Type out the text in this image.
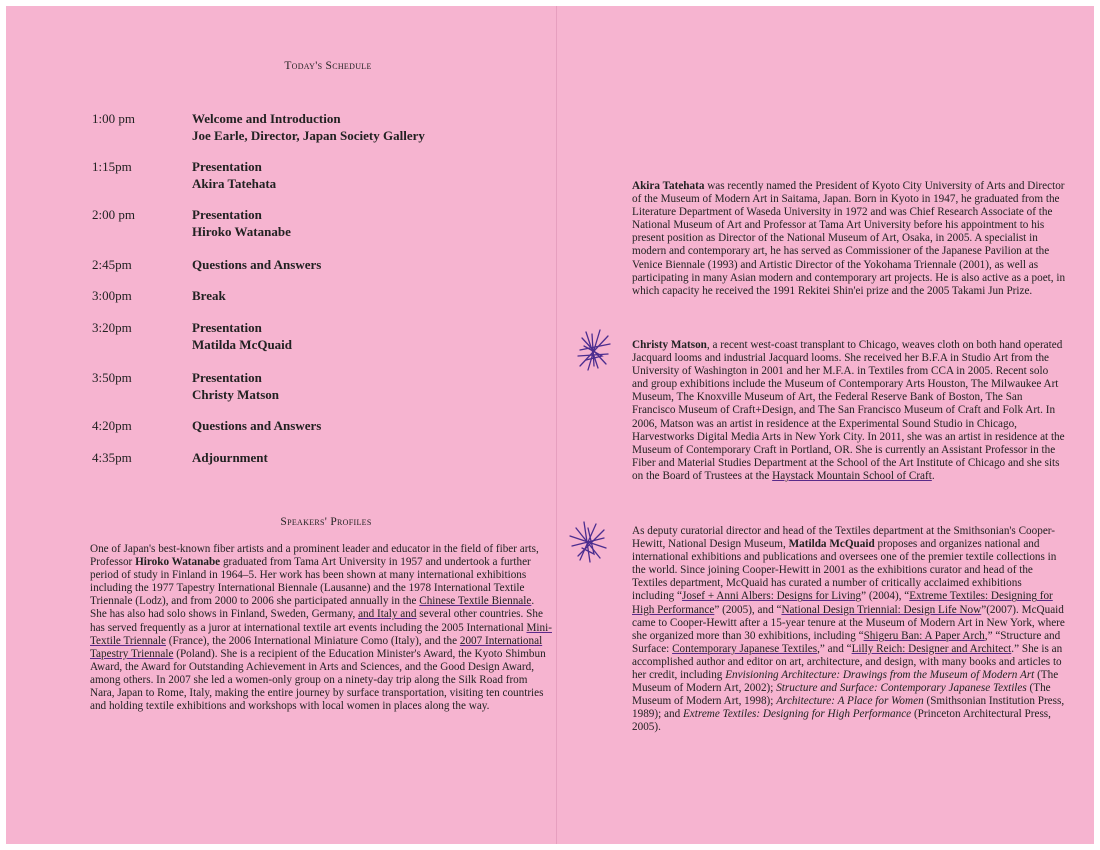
Today's Schedule
1:00 pm	Welcome and Introduction
Joe Earle, Director, Japan Society Gallery
1:15pm	Presentation
Akira Tatehata
2:00 pm	Presentation
Hiroko Watanabe
2:45pm	Questions and Answers
3:00pm	Break
3:20pm	Presentation
Matilda McQuaid
3:50pm	Presentation
Christy Matson
4:20pm	Questions and Answers
4:35pm	Adjournment
Speakers' Profiles
One of Japan's best-known fiber artists and a prominent leader and educator in the field of fiber arts, Professor Hiroko Watanabe graduated from Tama Art University in 1957 and undertook a further period of study in Finland in 1964–5. Her work has been shown at many international exhibitions including the 1977 Tapestry International Biennale (Lausanne) and the 1978 International Textile Triennale (Lodz), and from 2000 to 2006 she participated annually in the Chinese Textile Biennale. She has also had solo shows in Finland, Sweden, Germany, and Italy and several other countries. She has served frequently as a juror at international textile art events including the 2005 International Mini-Textile Triennale (France), the 2006 International Miniature Como (Italy), and the 2007 International Tapestry Triennale (Poland). She is a recipient of the Education Minister's Award, the Kyoto Shimbun Award, the Award for Outstanding Achievement in Arts and Sciences, and the Good Design Award, among others. In 2007 she led a women-only group on a ninety-day trip along the Silk Road from Nara, Japan to Rome, Italy, making the entire journey by surface transportation, visiting ten countries and holding textile exhibitions and workshops with local women in places along the way.
Akira Tatehata was recently named the President of Kyoto City University of Arts and Director of the Museum of Modern Art in Saitama, Japan. Born in Kyoto in 1947, he graduated from the Literature Department of Waseda University in 1972 and was Chief Research Associate of the National Museum of Art and Professor at Tama Art University before his appointment to his present position as Director of the National Museum of Art, Osaka, in 2005. A specialist in modern and contemporary art, he has served as Commissioner of the Japanese Pavilion at the Venice Biennale (1993) and Artistic Director of the Yokohama Triennale (2001), as well as participating in many Asian modern and contemporary art projects. He is also active as a poet, in which capacity he received the 1991 Rekitei Shin'ei prize and the 2005 Takami Jun Prize.
Christy Matson, a recent west-coast transplant to Chicago, weaves cloth on both hand operated Jacquard looms and industrial Jacquard looms. She received her B.F.A in Studio Art from the University of Washington in 2001 and her M.F.A. in Textiles from CCA in 2005. Recent solo and group exhibitions include the Museum of Contemporary Arts Houston, The Milwaukee Art Museum, The Knoxville Museum of Art, the Federal Reserve Bank of Boston, The San Francisco Museum of Craft+Design, and The San Francisco Museum of Craft and Folk Art. In 2006, Matson was an artist in residence at the Experimental Sound Studio in Chicago, Harvestworks Digital Media Arts in New York City. In 2011, she was an artist in residence at the Museum of Contemporary Craft in Portland, OR. She is currently an Assistant Professor in the Fiber and Material Studies Department at the School of the Art Institute of Chicago and she sits on the Board of Trustees at the Haystack Mountain School of Craft.
As deputy curatorial director and head of the Textiles department at the Smithsonian's Cooper-Hewitt, National Design Museum, Matilda McQuaid proposes and organizes national and international exhibitions and publications and oversees one of the premier textile collections in the world. Since joining Cooper-Hewitt in 2001 as the exhibitions curator and head of the Textiles department, McQuaid has curated a number of critically acclaimed exhibitions including “Josef + Anni Albers: Designs for Living” (2004), “Extreme Textiles: Designing for High Performance” (2005), and “National Design Triennial: Design Life Now”(2007). McQuaid came to Cooper-Hewitt after a 15-year tenure at the Museum of Modern Art in New York, where she organized more than 30 exhibitions, including “Shigeru Ban: A Paper Arch,” “Structure and Surface: Contemporary Japanese Textiles,” and “Lilly Reich: Designer and Architect.” She is an accomplished author and editor on art, architecture, and design, with many books and articles to her credit, including Envisioning Architecture: Drawings from the Museum of Modern Art (The Museum of Modern Art, 2002); Structure and Surface: Contemporary Japanese Textiles (The Museum of Modern Art, 1998); Architecture: A Place for Women (Smithsonian Institution Press, 1989); and Extreme Textiles: Designing for High Performance (Princeton Architectural Press, 2005).
